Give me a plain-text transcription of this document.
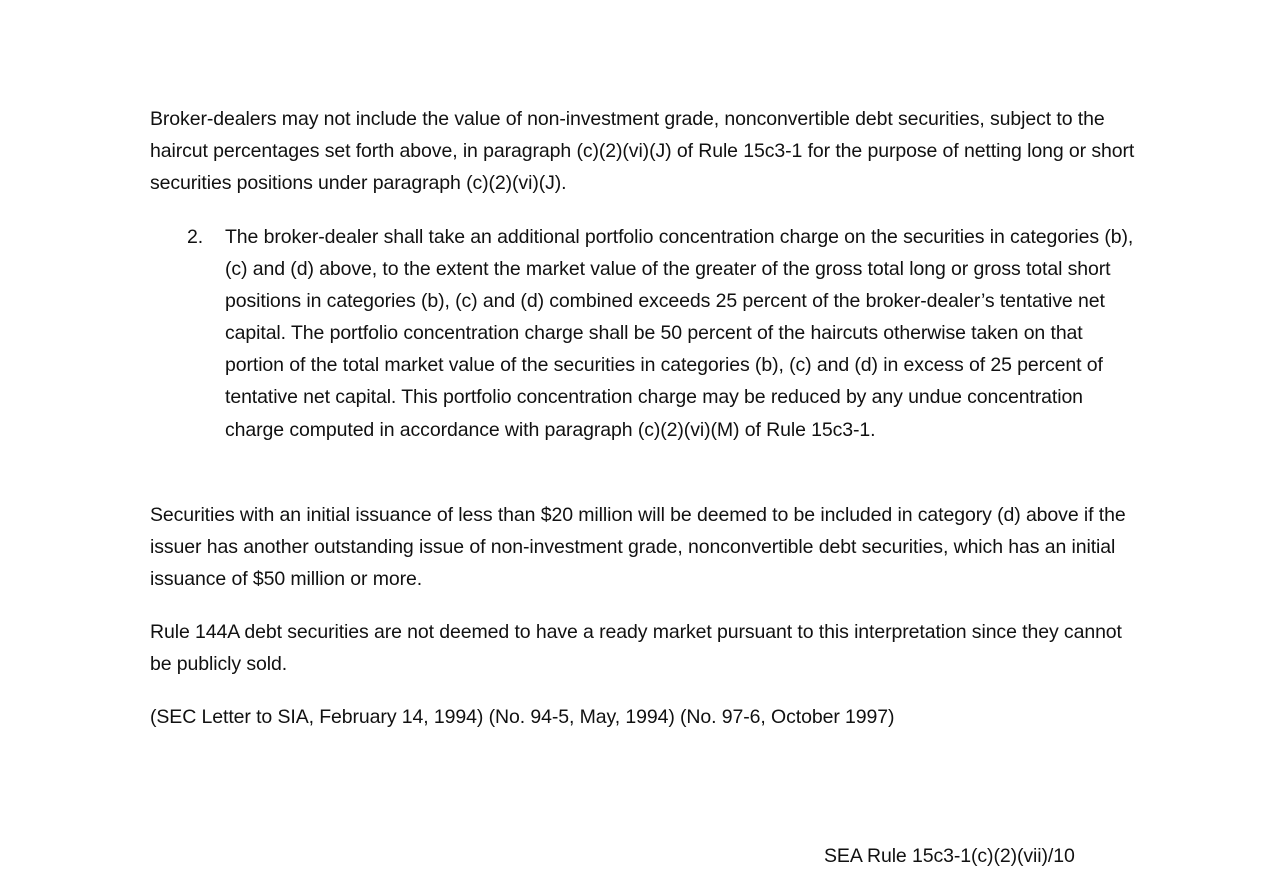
Broker-dealers may not include the value of non-investment grade, nonconvertible debt securities, subject to the haircut percentages set forth above, in paragraph (c)(2)(vi)(J) of Rule 15c3-1 for the purpose of netting long or short securities positions under paragraph (c)(2)(vi)(J).
2. The broker-dealer shall take an additional portfolio concentration charge on the securities in categories (b), (c) and (d) above, to the extent the market value of the greater of the gross total long or gross total short positions in categories (b), (c) and (d) combined exceeds 25 percent of the broker-dealer’s tentative net capital. The portfolio concentration charge shall be 50 percent of the haircuts otherwise taken on that portion of the total market value of the securities in categories (b), (c) and (d) in excess of 25 percent of tentative net capital. This portfolio concentration charge may be reduced by any undue concentration charge computed in accordance with paragraph (c)(2)(vi)(M) of Rule 15c3-1.
Securities with an initial issuance of less than $20 million will be deemed to be included in category (d) above if the issuer has another outstanding issue of non-investment grade, nonconvertible debt securities, which has an initial issuance of $50 million or more.
Rule 144A debt securities are not deemed to have a ready market pursuant to this interpretation since they cannot be publicly sold.
(SEC Letter to SIA, February 14, 1994) (No. 94-5, May, 1994) (No. 97-6, October 1997)
SEA Rule 15c3-1(c)(2)(vii)/10
